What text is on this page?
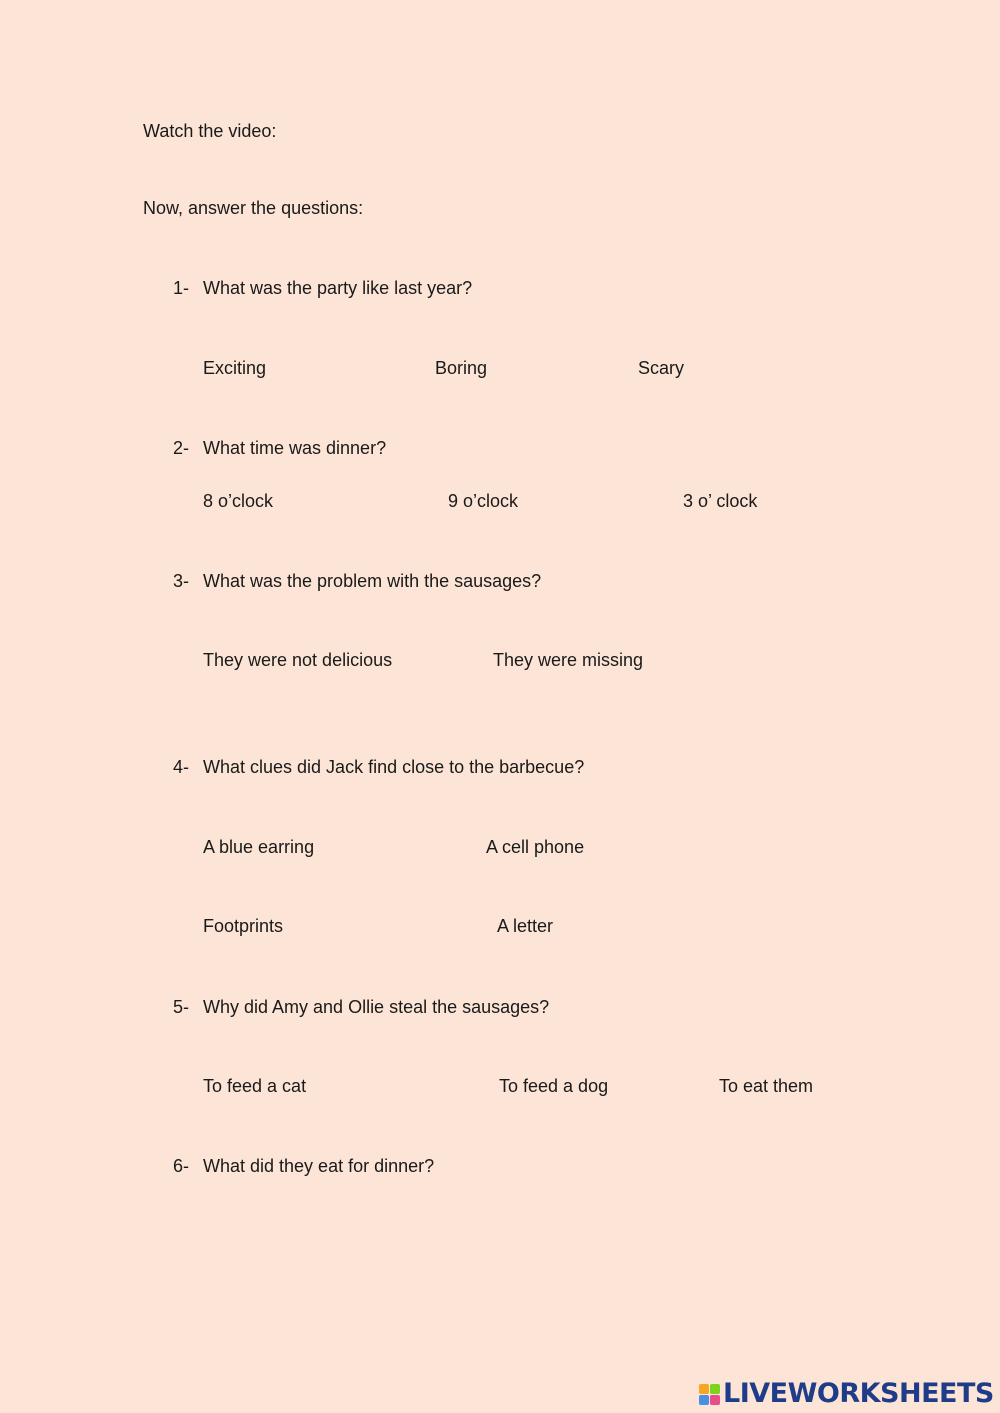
Watch the video:

Now, answer the questions:

1- What was the party like last year?
Exciting	Boring	Scary
2- What time was dinner?
8 o’clock	9 o’clock	3 o’ clock
3- What was the problem with the sausages?
They were not delicious	They were missing
4- What clues did Jack find close to the barbecue?
A blue earring	A cell phone
Footprints	A letter
5- Why did Amy and Ollie steal the sausages?
To feed a cat	To feed a dog	To eat them
6- What did they eat for dinner?
LIVEWORKSHEETS
